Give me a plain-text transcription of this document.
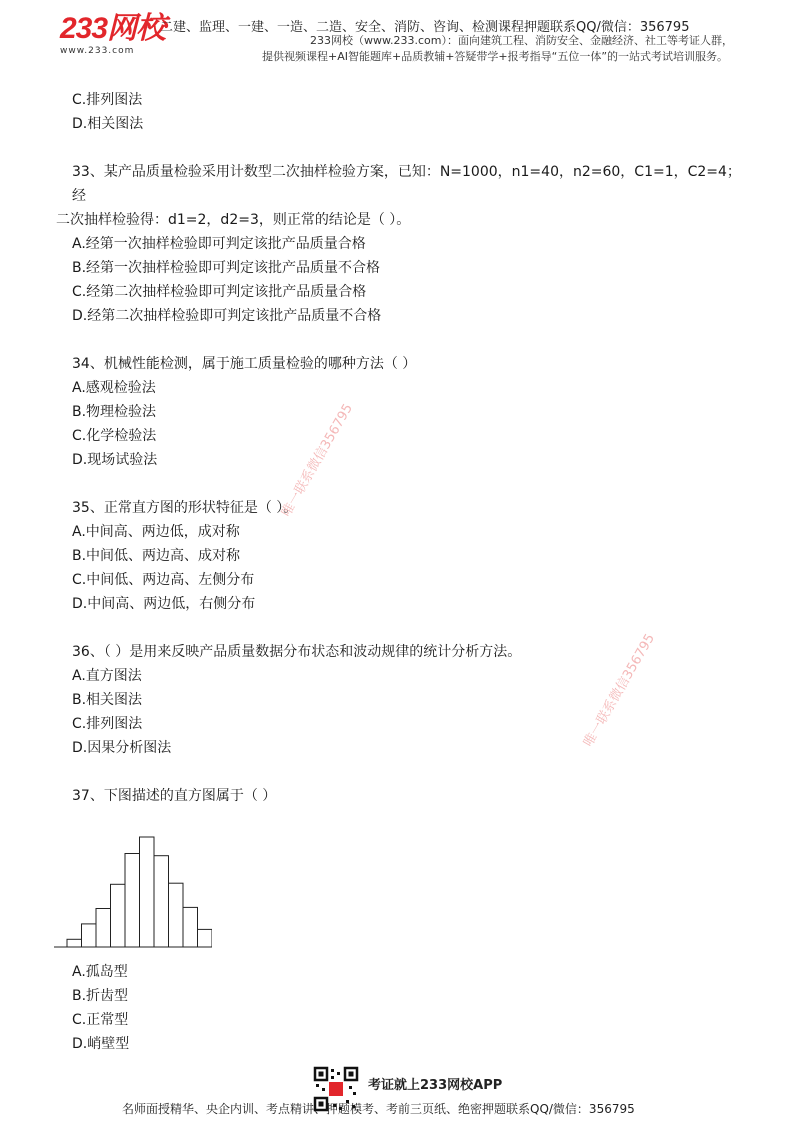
233网校
www.233.com
二建、监理、一建、一造、二造、安全、消防、咨询、检测课程押题联系QQ/微信：356795
233网校（www.233.com）：面向建筑工程、消防安全、金融经济、社工等考证人群，
提供视频课程+AI智能题库+品质教辅+答疑带学+报考指导“五位一体”的一站式考试培训服务。
C.排列图法
D.相关图法
33、某产品质量检验采用计数型二次抽样检验方案，已知：N=1000，n1=40，n2=60，C1=1，C2=4；经
二次抽样检验得：d1=2，d2=3，则正常的结论是（ ）。
A.经第一次抽样检验即可判定该批产品质量合格
B.经第一次抽样检验即可判定该批产品质量不合格
C.经第二次抽样检验即可判定该批产品质量合格
D.经第二次抽样检验即可判定该批产品质量不合格
34、机械性能检测，属于施工质量检验的哪种方法（ ）
A.感观检验法
B.物理检验法
C.化学检验法
D.现场试验法
35、正常直方图的形状特征是（ ）。
A.中间高、两边低，成对称
B.中间低、两边高、成对称
C.中间低、两边高、左侧分布
D.中间高、两边低，右侧分布
36、（ ）是用来反映产品质量数据分布状态和波动规律的统计分析方法。
A.直方图法
B.相关图法
C.排列图法
D.因果分析图法
37、下图描述的直方图属于（ ）
A.孤岛型
B.折齿型
C.正常型
D.峭壁型
唯一联系微信356795
唯一联系微信356795
考证就上233网校APP
名师面授精华、央企内训、考点精讲、押题模考、考前三页纸、绝密押题联系QQ/微信：356795
